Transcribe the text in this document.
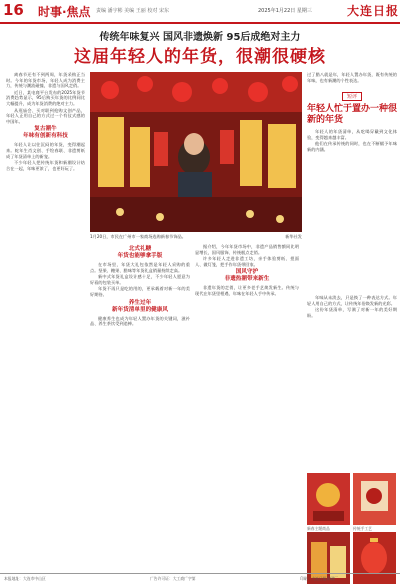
16 时事·焦点 责编 潘宇彬 美编 王丽 校对 宋东	2025年1月22日 星期三	大连日报
传统年味复兴 国风非遗焕新 95后成绝对主力
这届年轻人的年货，很潮很硬核

离春节还有不到两周，年货采购正当时。今年的年货市场，年轻人成为消费主力，传统与潮流碰撞，非遗与国风走俏。

近日，某电商平台发布的2025年货节消费趋势显示，95后购买年货的比例同比大幅提升，成为年货消费的绝对主力。

从逛庙会、买对联到抢购文创产品，年轻人正用自己的方式过一个有仪式感的中国年。

复古潮牛
年味有创新有科技

年轻人让以往沉闷的年货，变得潮起来。蛇年生肖文创、手绘春联、非遗剪纸成了年货清单上的新宠。

不少年轻人把传统年货和新潮设计结合在一起，年味更浓了，也更好玩了。

1月20日，市民在广州市一家商场选购新春节饰品。	新华社发
北式礼糖
年货也能够拿手版

在市场里，年货大礼包依然是年轻人采购的重点。坚果、糖果、腊味等年货礼盒销量持续走高。

新中式年货礼盒设计感十足，不少年轻人愿意为好看的包装买单。

年货不再只是吃的用的，更承载着对新一年的美好期待。

养生过年
新年货清单里的健康风

健康养生也成为年轻人置办年货的关键词，滋补品、养生茶饮受到追捧。

据介绍，今年年货市场中，非遗产品销售额同比明显增长，国风服饰、传统糕点走俏。

许多年轻人走进非遗工坊，亲手体验剪纸、捏面人、做灯笼，把手作年货带回家。

国风守护
非遗热潮带来新生

非遗年货的走俏，让更多老手艺焕发新生。传统与现代在年货里相遇，年味在年轻人手中传承。

过了腊八就是年，年轻人置办年货，既有传统的年味，也有新潮的个性表达。
短评
年轻人忙于置办一种很新的年货

年轻人的年货清单，从吃喝穿戴到文化体验，变得越来越丰富。

他们在传承传统的同时，也在不断赋予年味新的内涵。

年味从未淡去，只是换了一种表达方式。年轻人用自己的方式，让传统年俗焕发新的光彩。

这份年货清单，写满了对新一年的美好期盼。

新春主题商品	传统手工艺
本报地址：大连市中山区	广告许可证：大工商广字第	印刷：大连日报印刷厂
